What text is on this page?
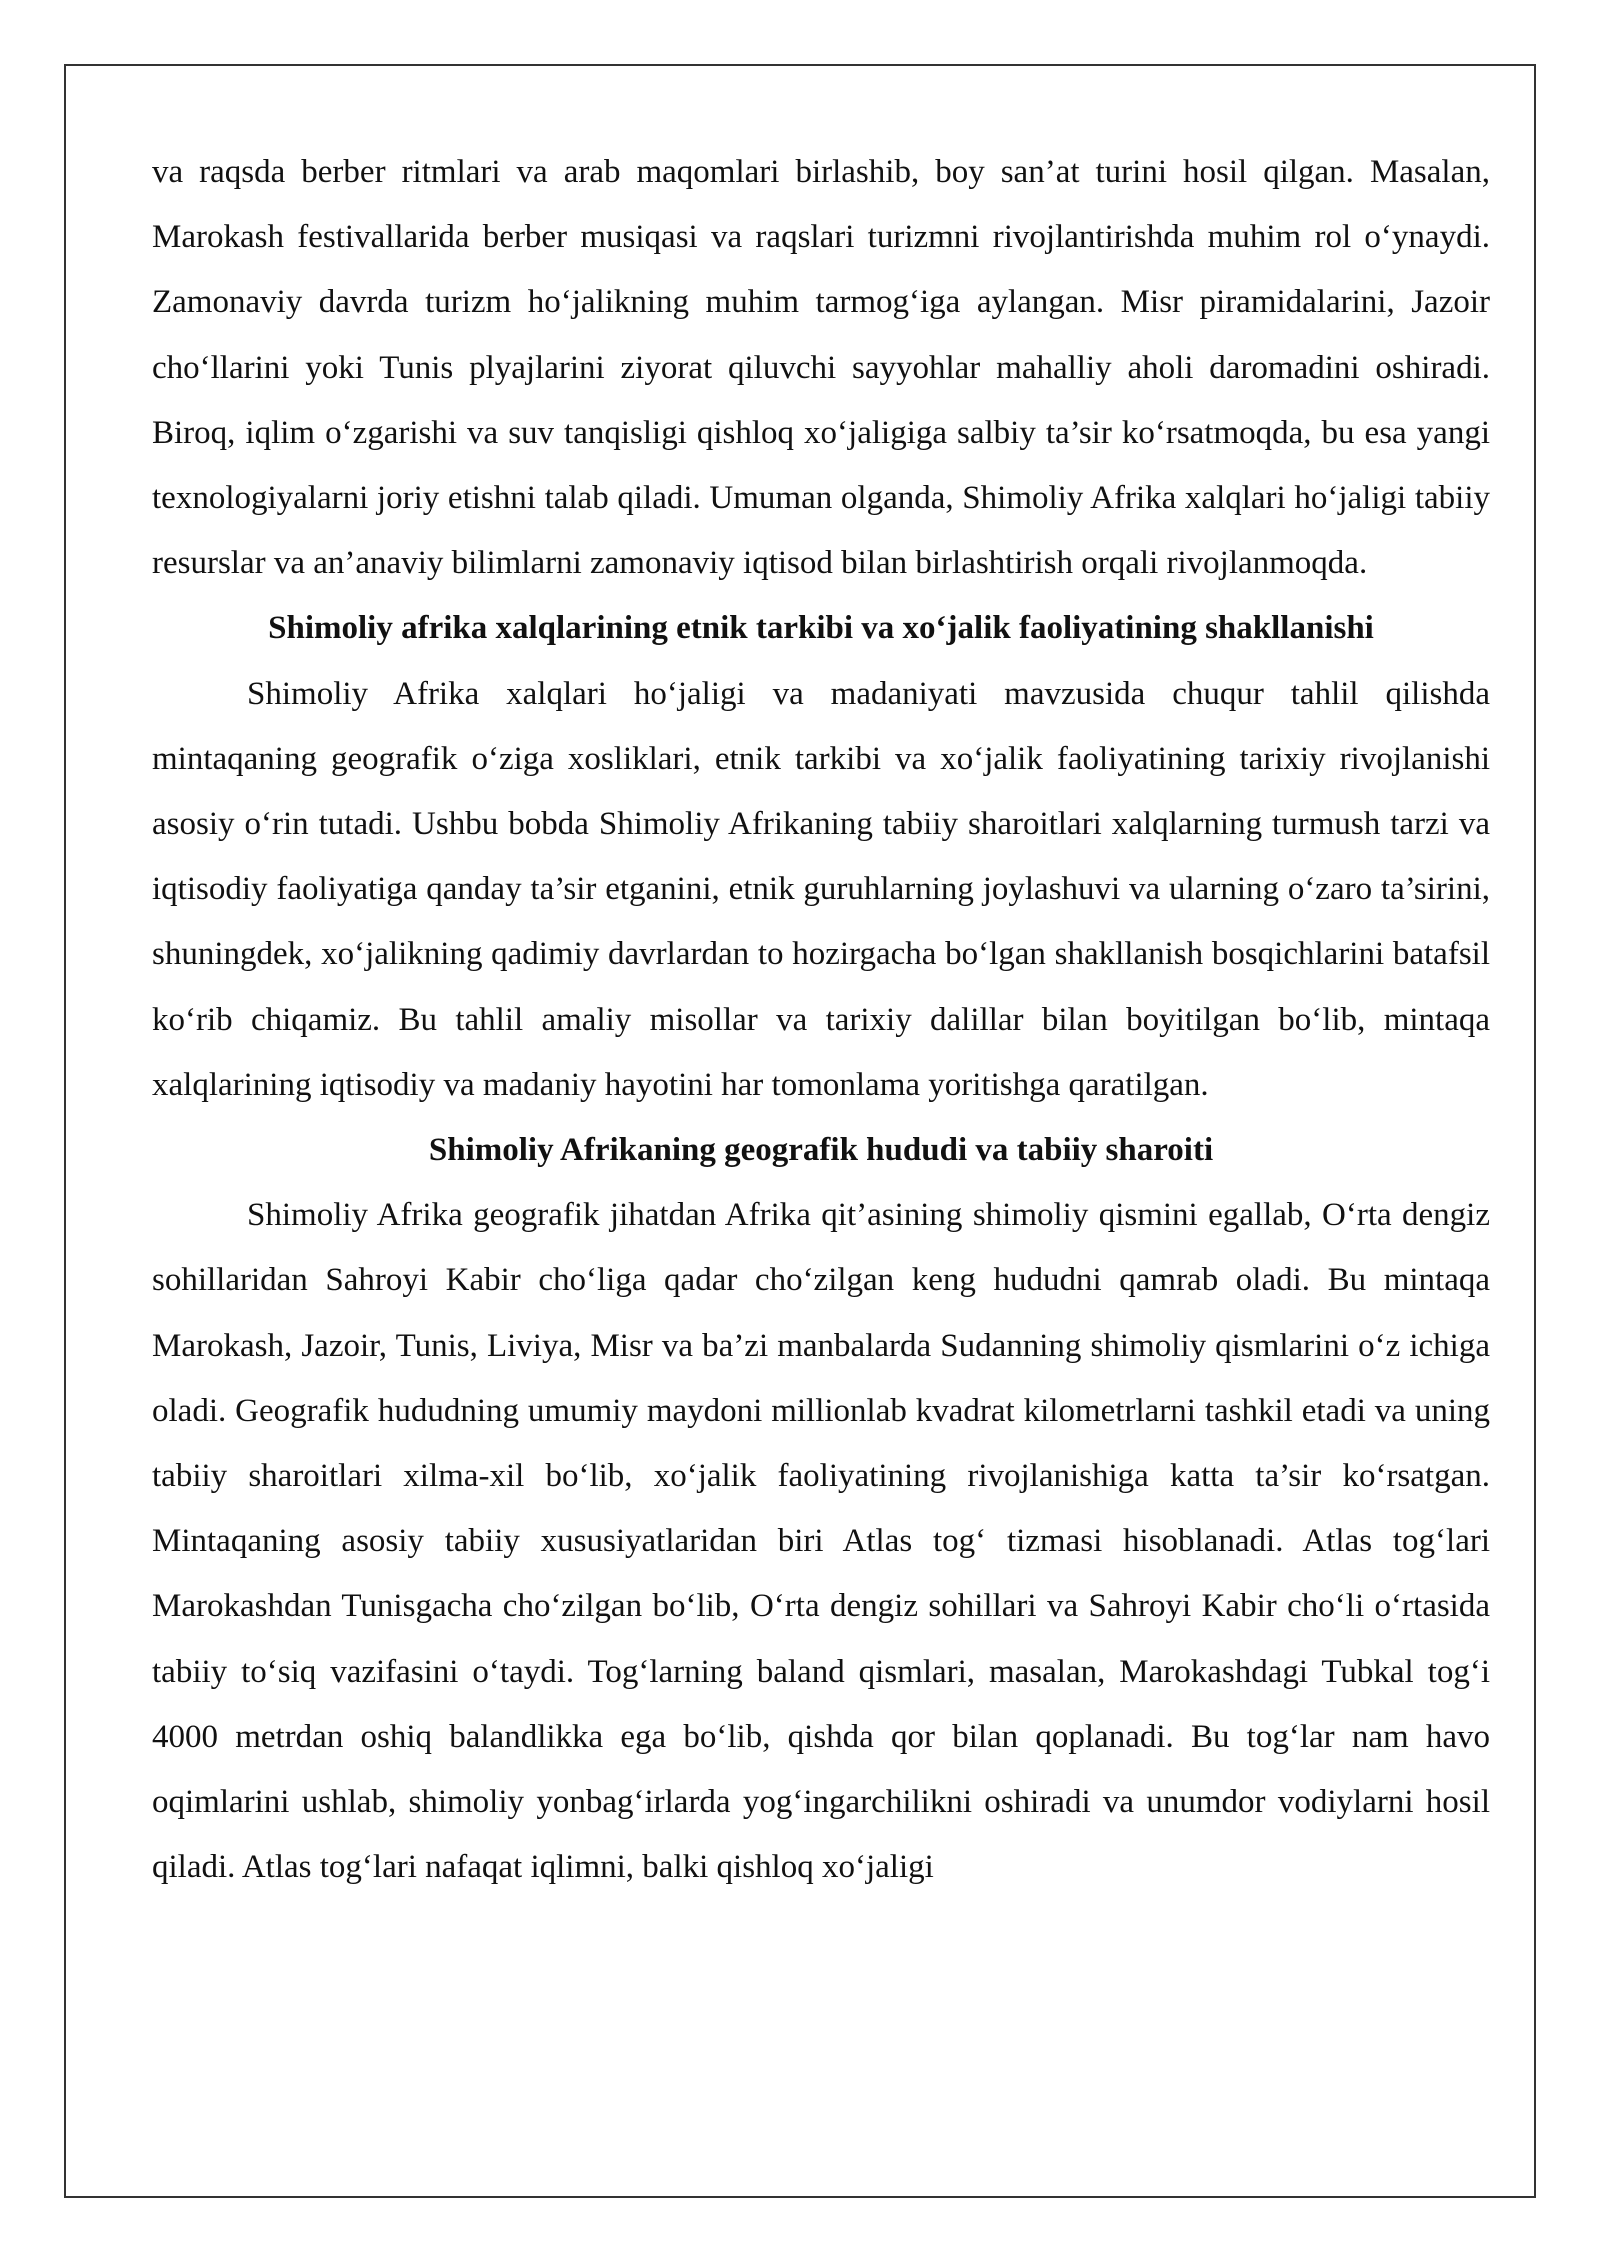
va raqsda berber ritmlari va arab maqomlari birlashib, boy san’at turini hosil qilgan. Masalan, Marokash festivallarida berber musiqasi va raqslari turizmni rivojlantirishda muhim rol oʻynaydi. Zamonaviy davrda turizm hoʻjalikning muhim tarmogʻiga aylangan. Misr piramidalarini, Jazoir choʻllarini yoki Tunis plyajlarini ziyorat qiluvchi sayyohlar mahalliy aholi daromadini oshiradi. Biroq, iqlim oʻzgarishi va suv tanqisligi qishloq xoʻjaligiga salbiy ta’sir koʻrsatmoqda, bu esa yangi texnologiyalarni joriy etishni talab qiladi. Umuman olganda, Shimoliy Afrika xalqlari hoʻjaligi tabiiy resurslar va an’anaviy bilimlarni zamonaviy iqtisod bilan birlashtirish orqali rivojlanmoqda.

Shimoliy afrika xalqlarining etnik tarkibi va xoʻjalik faoliyatining shakllanishi

Shimoliy Afrika xalqlari hoʻjaligi va madaniyati mavzusida chuqur tahlil qilishda mintaqaning geografik oʻziga xosliklari, etnik tarkibi va xoʻjalik faoliyatining tarixiy rivojlanishi asosiy oʻrin tutadi. Ushbu bobda Shimoliy Afrikaning tabiiy sharoitlari xalqlarning turmush tarzi va iqtisodiy faoliyatiga qanday ta’sir etganini, etnik guruhlarning joylashuvi va ularning oʻzaro ta’sirini, shuningdek, xoʻjalikning qadimiy davrlardan to hozirgacha boʻlgan shakllanish bosqichlarini batafsil koʻrib chiqamiz. Bu tahlil amaliy misollar va tarixiy dalillar bilan boyitilgan boʻlib, mintaqa xalqlarining iqtisodiy va madaniy hayotini har tomonlama yoritishga qaratilgan.

Shimoliy Afrikaning geografik hududi va tabiiy sharoiti

Shimoliy Afrika geografik jihatdan Afrika qit’asining shimoliy qismini egallab, Oʻrta dengiz sohillaridan Sahroyi Kabir choʻliga qadar choʻzilgan keng hududni qamrab oladi. Bu mintaqa Marokash, Jazoir, Tunis, Liviya, Misr va ba’zi manbalarda Sudanning shimoliy qismlarini oʻz ichiga oladi. Geografik hududning umumiy maydoni millionlab kvadrat kilometrlarni tashkil etadi va uning tabiiy sharoitlari xilma-xil boʻlib, xoʻjalik faoliyatining rivojlanishiga katta ta’sir koʻrsatgan. Mintaqaning asosiy tabiiy xususiyatlaridan biri Atlas togʻ tizmasi hisoblanadi. Atlas togʻlari Marokashdan Tunisgacha choʻzilgan boʻlib, Oʻrta dengiz sohillari va Sahroyi Kabir choʻli oʻrtasida tabiiy toʻsiq vazifasini oʻtaydi. Togʻlarning baland qismlari, masalan, Marokashdagi Tubkal togʻi 4000 metrdan oshiq balandlikka ega boʻlib, qishda qor bilan qoplanadi. Bu togʻlar nam havo oqimlarini ushlab, shimoliy yonbagʻirlarda yogʻingarchilikni oshiradi va unumdor vodiylarni hosil qiladi. Atlas togʻlari nafaqat iqlimni, balki qishloq xoʻjaligi
